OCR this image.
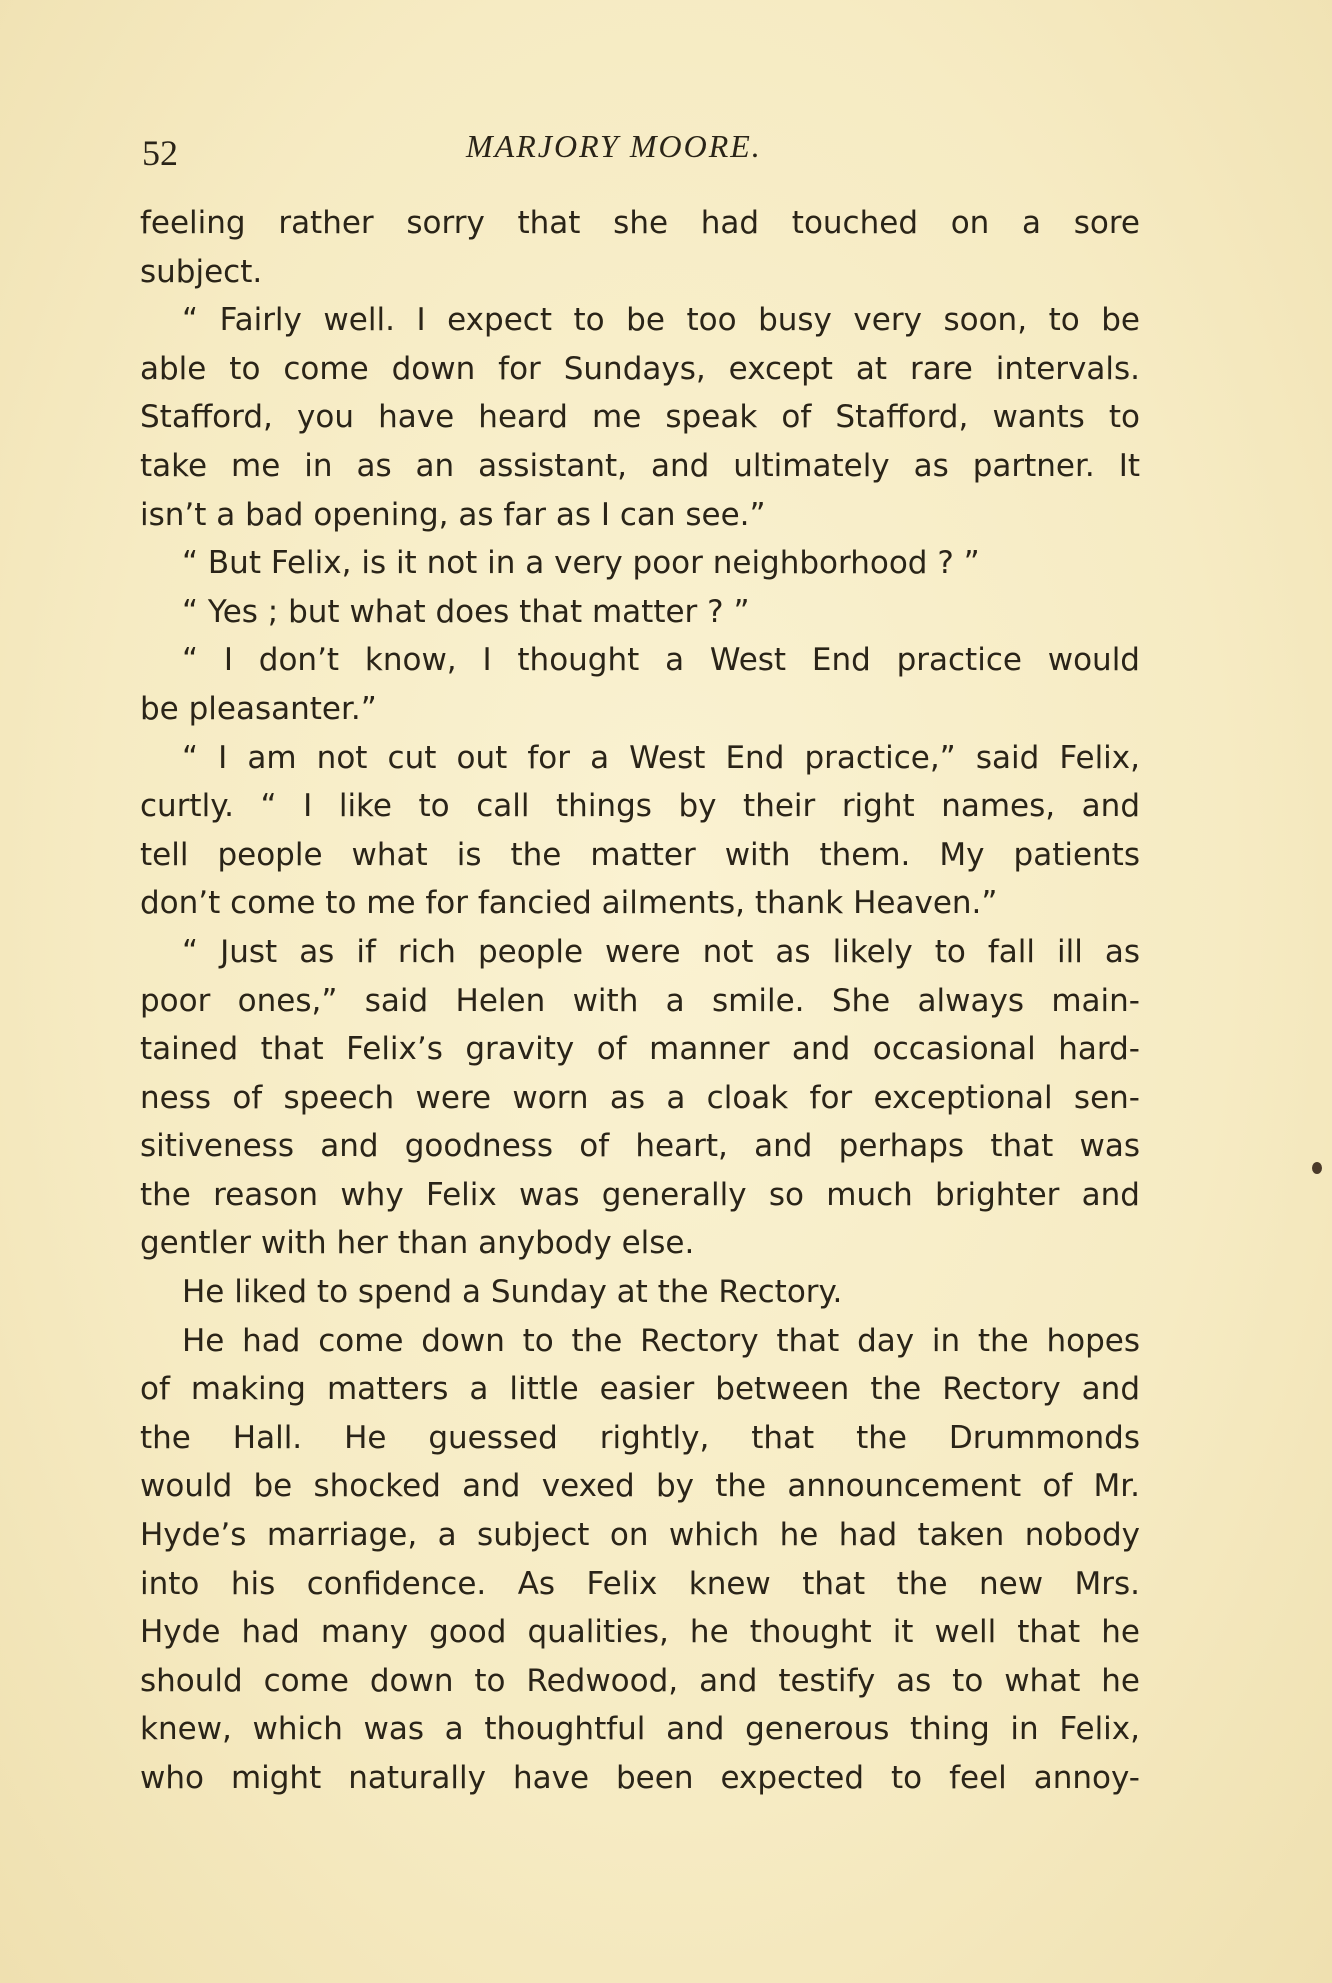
52	MARJORY MOORE.
feeling rather sorry that she had touched on a sore
subject.
“ Fairly well. I expect to be too busy very soon, to be
able to come down for Sundays, except at rare intervals.
Stafford, you have heard me speak of Stafford, wants to
take me in as an assistant, and ultimately as partner. It
isn’t a bad opening, as far as I can see.”
“ But Felix, is it not in a very poor neighborhood ? ”
“ Yes ; but what does that matter ? ”
“ I don’t know, I thought a West End practice would
be pleasanter.”
“ I am not cut out for a West End practice,” said Felix,
curtly. “ I like to call things by their right names, and
tell people what is the matter with them. My patients
don’t come to me for fancied ailments, thank Heaven.”
“ Just as if rich people were not as likely to fall ill as
poor ones,” said Helen with a smile. She always main-
tained that Felix’s gravity of manner and occasional hard-
ness of speech were worn as a cloak for exceptional sen-
sitiveness and goodness of heart, and perhaps that was
the reason why Felix was generally so much brighter and
gentler with her than anybody else.
He liked to spend a Sunday at the Rectory.
He had come down to the Rectory that day in the hopes
of making matters a little easier between the Rectory and
the Hall. He guessed rightly, that the Drummonds
would be shocked and vexed by the announcement of Mr.
Hyde’s marriage, a subject on which he had taken nobody
into his confidence. As Felix knew that the new Mrs.
Hyde had many good qualities, he thought it well that he
should come down to Redwood, and testify as to what he
knew, which was a thoughtful and generous thing in Felix,
who might naturally have been expected to feel annoy-
